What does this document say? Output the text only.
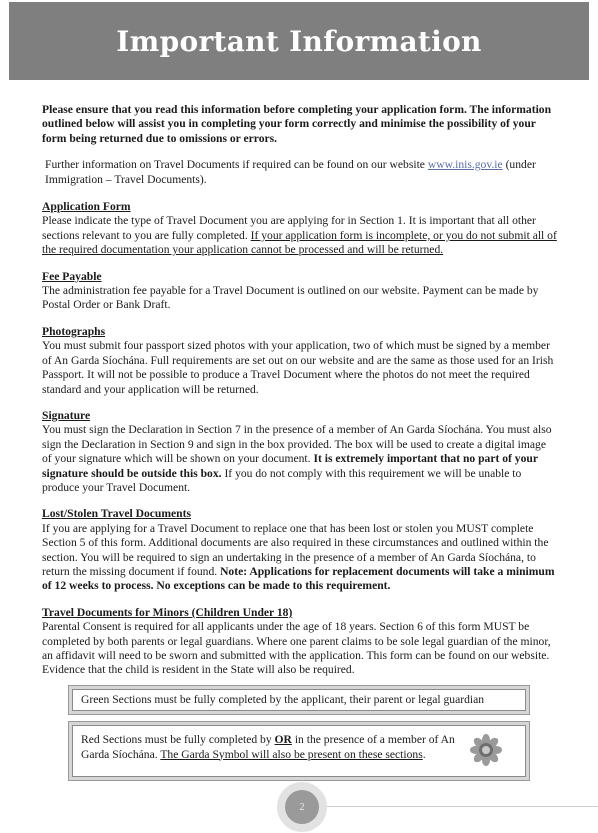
Important Information

Please ensure that you read this information before completing your application form. The information outlined below will assist you in completing your form correctly and minimise the possibility of your form being returned due to omissions or errors.

Further information on Travel Documents if required can be found on our website www.inis.gov.ie (under Immigration – Travel Documents).

Application Form

Please indicate the type of Travel Document you are applying for in Section 1. It is important that all other sections relevant to you are fully completed. If your application form is incomplete, or you do not submit all of the required documentation your application cannot be processed and will be returned.

Fee Payable

The administration fee payable for a Travel Document is outlined on our website. Payment can be made by Postal Order or Bank Draft.

Photographs

You must submit four passport sized photos with your application, two of which must be signed by a member of An Garda Síochána. Full requirements are set out on our website and are the same as those used for an Irish Passport. It will not be possible to produce a Travel Document where the photos do not meet the required standard and your application will be returned.

Signature

You must sign the Declaration in Section 7 in the presence of a member of An Garda Síochána. You must also sign the Declaration in Section 9 and sign in the box provided. The box will be used to create a digital image of your signature which will be shown on your document. It is extremely important that no part of your signature should be outside this box. If you do not comply with this requirement we will be unable to produce your Travel Document.

Lost/Stolen Travel Documents

If you are applying for a Travel Document to replace one that has been lost or stolen you MUST complete Section 5 of this form. Additional documents are also required in these circumstances and outlined within the section. You will be required to sign an undertaking in the presence of a member of An Garda Síochána, to return the missing document if found. Note: Applications for replacement documents will take a minimum of 12 weeks to process. No exceptions can be made to this requirement.

Travel Documents for Minors (Children Under 18)

Parental Consent is required for all applicants under the age of 18 years. Section 6 of this form MUST be completed by both parents or legal guardians. Where one parent claims to be sole legal guardian of the minor, an affidavit will need to be sworn and submitted with the application. This form can be found on our website. Evidence that the child is resident in the State will also be required.

Green Sections must be fully completed by the applicant, their parent or legal guardian
Red Sections must be fully completed by OR in the presence of a member of An Garda Síochána. The Garda Symbol will also be present on these sections.
2
